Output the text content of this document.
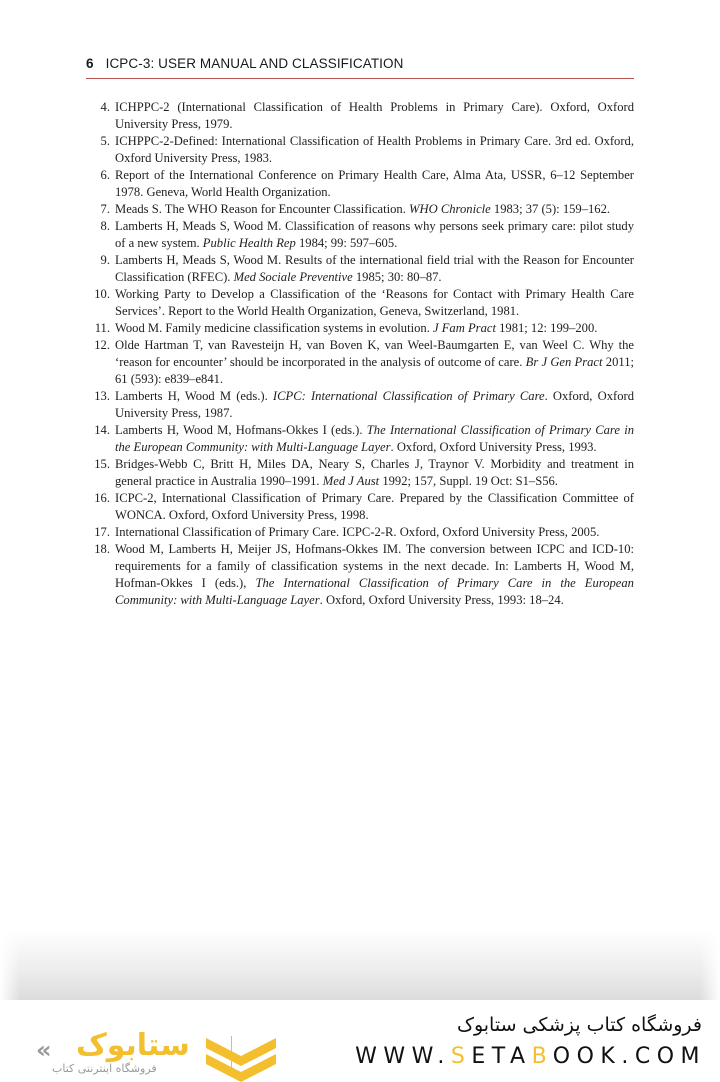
6 ICPC-3: USER MANUAL AND CLASSIFICATION
4. ICHPPC-2 (International Classification of Health Problems in Primary Care). Oxford, Oxford University Press, 1979.
5. ICHPPC-2-Defined: International Classification of Health Problems in Primary Care. 3rd ed. Oxford, Oxford University Press, 1983.
6. Report of the International Conference on Primary Health Care, Alma Ata, USSR, 6–12 September 1978. Geneva, World Health Organization.
7. Meads S. The WHO Reason for Encounter Classification. WHO Chronicle 1983; 37 (5): 159–162.
8. Lamberts H, Meads S, Wood M. Classification of reasons why persons seek primary care: pilot study of a new system. Public Health Rep 1984; 99: 597–605.
9. Lamberts H, Meads S, Wood M. Results of the international field trial with the Reason for Encounter Classification (RFEC). Med Sociale Preventive 1985; 30: 80–87.
10. Working Party to Develop a Classification of the ‘Reasons for Contact with Primary Health Care Services’. Report to the World Health Organization, Geneva, Switzerland, 1981.
11. Wood M. Family medicine classification systems in evolution. J Fam Pract 1981; 12: 199–200.
12. Olde Hartman T, van Ravesteijn H, van Boven K, van Weel-Baumgarten E, van Weel C. Why the ‘reason for encounter’ should be incorporated in the analysis of outcome of care. Br J Gen Pract 2011; 61 (593): e839–e841.
13. Lamberts H, Wood M (eds.). ICPC: International Classification of Primary Care. Oxford, Oxford University Press, 1987.
14. Lamberts H, Wood M, Hofmans-Okkes I (eds.). The International Classification of Primary Care in the European Community: with Multi-Language Layer. Oxford, Oxford University Press, 1993.
15. Bridges-Webb C, Britt H, Miles DA, Neary S, Charles J, Traynor V. Morbidity and treatment in general practice in Australia 1990–1991. Med J Aust 1992; 157, Suppl. 19 Oct: S1–S56.
16. ICPC-2, International Classification of Primary Care. Prepared by the Classification Committee of WONCA. Oxford, Oxford University Press, 1998.
17. International Classification of Primary Care. ICPC-2-R. Oxford, Oxford University Press, 2005.
18. Wood M, Lamberts H, Meijer JS, Hofmans-Okkes IM. The conversion between ICPC and ICD-10: requirements for a family of classification systems in the next decade. In: Lamberts H, Wood M, Hofman-Okkes I (eds.), The International Classification of Primary Care in the European Community: with Multi-Language Layer. Oxford, Oxford University Press, 1993: 18–24.
« ستابوک
فروشگاه اینترنتی کتاب
فروشگاه کتاب پزشکی ستابوک
WWW.SETABOOK.COM
